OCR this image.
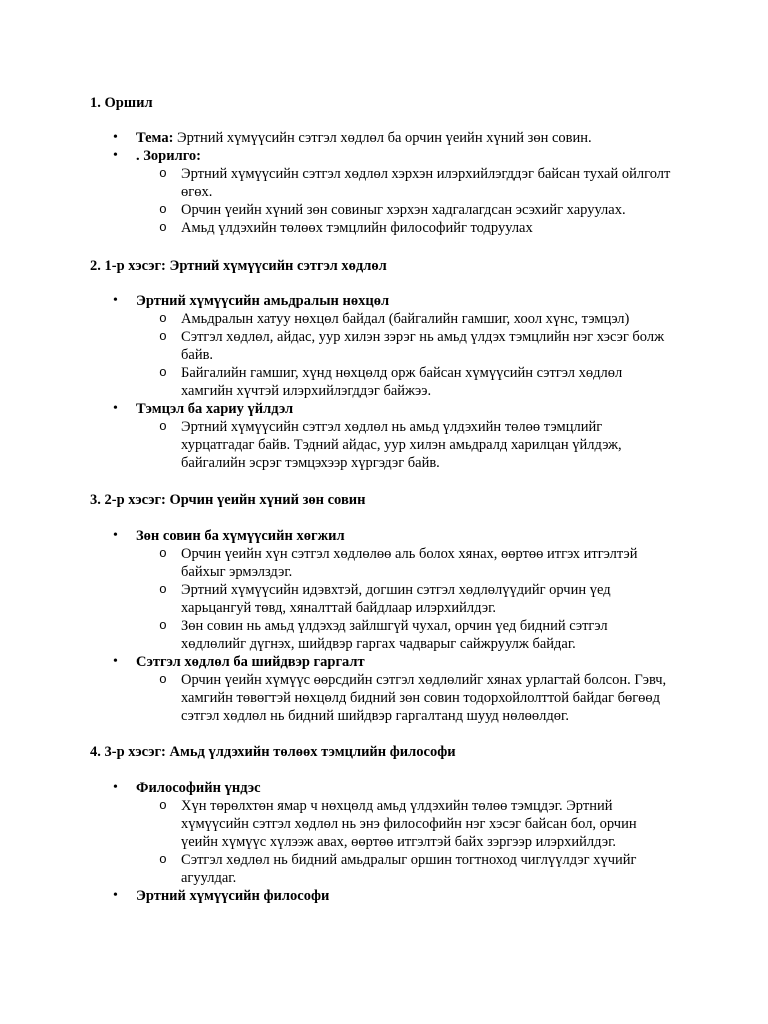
1. Оршил
• Тема: Эртний хүмүүсийн сэтгэл хөдлөл ба орчин үеийн хүний зөн совин.
• . Зорилго:
o Эртний хүмүүсийн сэтгэл хөдлөл хэрхэн илэрхийлэгддэг байсан тухай ойлголт өгөх.
o Орчин үеийн хүний зөн совиныг хэрхэн хадгалагдсан эсэхийг харуулах.
o Амьд үлдэхийн төлөөх тэмцлийн философийг тодруулах
2. 1-р хэсэг: Эртний хүмүүсийн сэтгэл хөдлөл
• Эртний хүмүүсийн амьдралын нөхцөл
o Амьдралын хатуу нөхцөл байдал (байгалийн гамшиг, хоол хүнс, тэмцэл)
o Сэтгэл хөдлөл, айдас, уур хилэн зэрэг нь амьд үлдэх тэмцлийн нэг хэсэг болж байв.
o Байгалийн гамшиг, хүнд нөхцөлд орж байсан хүмүүсийн сэтгэл хөдлөл хамгийн хүчтэй илэрхийлэгддэг байжээ.
• Тэмцэл ба хариу үйлдэл
o Эртний хүмүүсийн сэтгэл хөдлөл нь амьд үлдэхийн төлөө тэмцлийг хурцатгадаг байв. Тэдний айдас, уур хилэн амьдралд харилцан үйлдэж, байгалийн эсрэг тэмцэхээр хүргэдэг байв.
3. 2-р хэсэг: Орчин үеийн хүний зөн совин
• Зөн совин ба хүмүүсийн хөгжил
o Орчин үеийн хүн сэтгэл хөдлөлөө аль болох хянах, өөртөө итгэх итгэлтэй байхыг эрмэлздэг.
o Эртний хүмүүсийн идэвхтэй, догшин сэтгэл хөдлөлүүдийг орчин үед харьцангуй төвд, хяналттай байдлаар илэрхийлдэг.
o Зөн совин нь амьд үлдэхэд зайлшгүй чухал, орчин үед бидний сэтгэл хөдлөлийг дүгнэх, шийдвэр гаргах чадварыг сайжруулж байдаг.
• Сэтгэл хөдлөл ба шийдвэр гаргалт
o Орчин үеийн хүмүүс өөрсдийн сэтгэл хөдлөлийг хянах урлагтай болсон. Гэвч, хамгийн төвөгтэй нөхцөлд бидний зөн совин тодорхойлолттой байдаг бөгөөд сэтгэл хөдлөл нь бидний шийдвэр гаргалтанд шууд нөлөөлдөг.
4. 3-р хэсэг: Амьд үлдэхийн төлөөх тэмцлийн философи
• Философийн үндэс
o Хүн төрөлхтөн ямар ч нөхцөлд амьд үлдэхийн төлөө тэмцдэг. Эртний хүмүүсийн сэтгэл хөдлөл нь энэ философийн нэг хэсэг байсан бол, орчин үеийн хүмүүс хүлээж авах, өөртөө итгэлтэй байх зэргээр илэрхийлдэг.
o Сэтгэл хөдлөл нь бидний амьдралыг оршин тогтноход чиглүүлдэг хүчийг агуулдаг.
• Эртний хүмүүсийн философи
